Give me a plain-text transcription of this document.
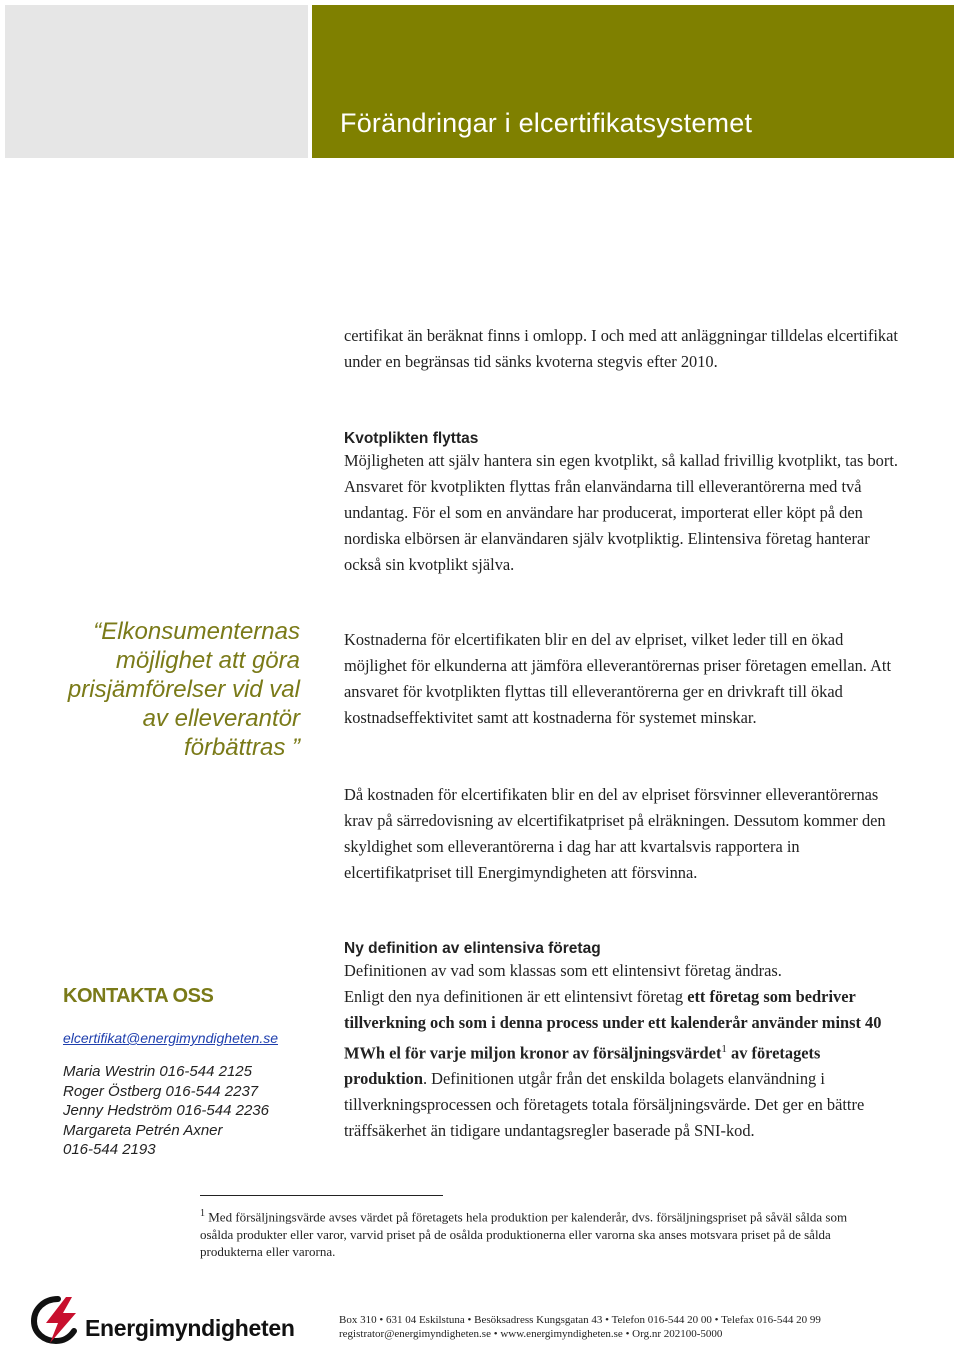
Förändringar i elcertifikatsystemet

certifikat än beräknat finns i omlopp. I och med att anläggningar tilldelas elcertifikat under en begränsas tid sänks kvoterna stegvis efter 2010.

Kvotplikten flyttas

Möjligheten att själv hantera sin egen kvotplikt, så kallad frivillig kvotplikt, tas bort. Ansvaret för kvotplikten flyttas från elanvändarna till elleverantörerna med två undantag. För el som en användare har producerat, importerat eller köpt på den nordiska elbörsen är elanvändaren själv kvotpliktig. Elintensiva företag hanterar också sin kvotplikt själva.

Kostnaderna för elcertifikaten blir en del av elpriset, vilket leder till en ökad möjlighet för elkunderna att jämföra elleverantörernas priser företagen emellan. Att ansvaret för kvotplikten flyttas till elleverantörerna ger en drivkraft till ökad kostnadseffektivitet samt att kostnaderna för systemet minskar.

Då kostnaden för elcertifikaten blir en del av elpriset försvinner elleverantörernas krav på särredovisning av elcertifikatpriset på elräkningen. Dessutom kommer den skyldighet som elleverantörerna i dag har att kvartalsvis rapportera in elcertifikatpriset till Energimyndigheten att försvinna.

Ny definition av elintensiva företag

Definitionen av vad som klassas som ett elintensivt företag ändras.

Enligt den nya definitionen är ett elintensivt företag ett företag som bedriver tillverkning och som i denna process under ett kalenderår använder minst 40 MWh el för varje miljon kronor av försäljningsvärdet$^1$ av företagets produktion. Definitionen utgår från det enskilda bolagets elanvändning i tillverkningsprocessen och företagets totala försäljningsvärde. Det ger en bättre träffsäkerhet än tidigare undantagsregler baserade på SNI-kod.

“Elkonsumenternas möjlighet att göra prisjämförelser vid val av elleverantör förbättras ”
KONTAKTA OSS
elcertifikat@energimyndigheten.se
Maria Westrin 016-544 2125
Roger Östberg 016-544 2237
Jenny Hedström 016-544 2236
Margareta Petrén Axner
016-544 2193
$^1$ Med försäljningsvärde avses värdet på företagets hela produktion per kalenderår, dvs. försäljningspriset på såväl sålda som osålda produkter eller varor, varvid priset på de osålda produktionerna eller varorna ska anses motsvara priset på de sålda produkterna eller varorna.
Energimyndigheten	Box 310 • 631 04 Eskilstuna • Besöksadress Kungsgatan 43 • Telefon 016-544 20 00 • Telefax 016-544 20 99
registrator@energimyndigheten.se • www.energimyndigheten.se • Org.nr 202100-5000
